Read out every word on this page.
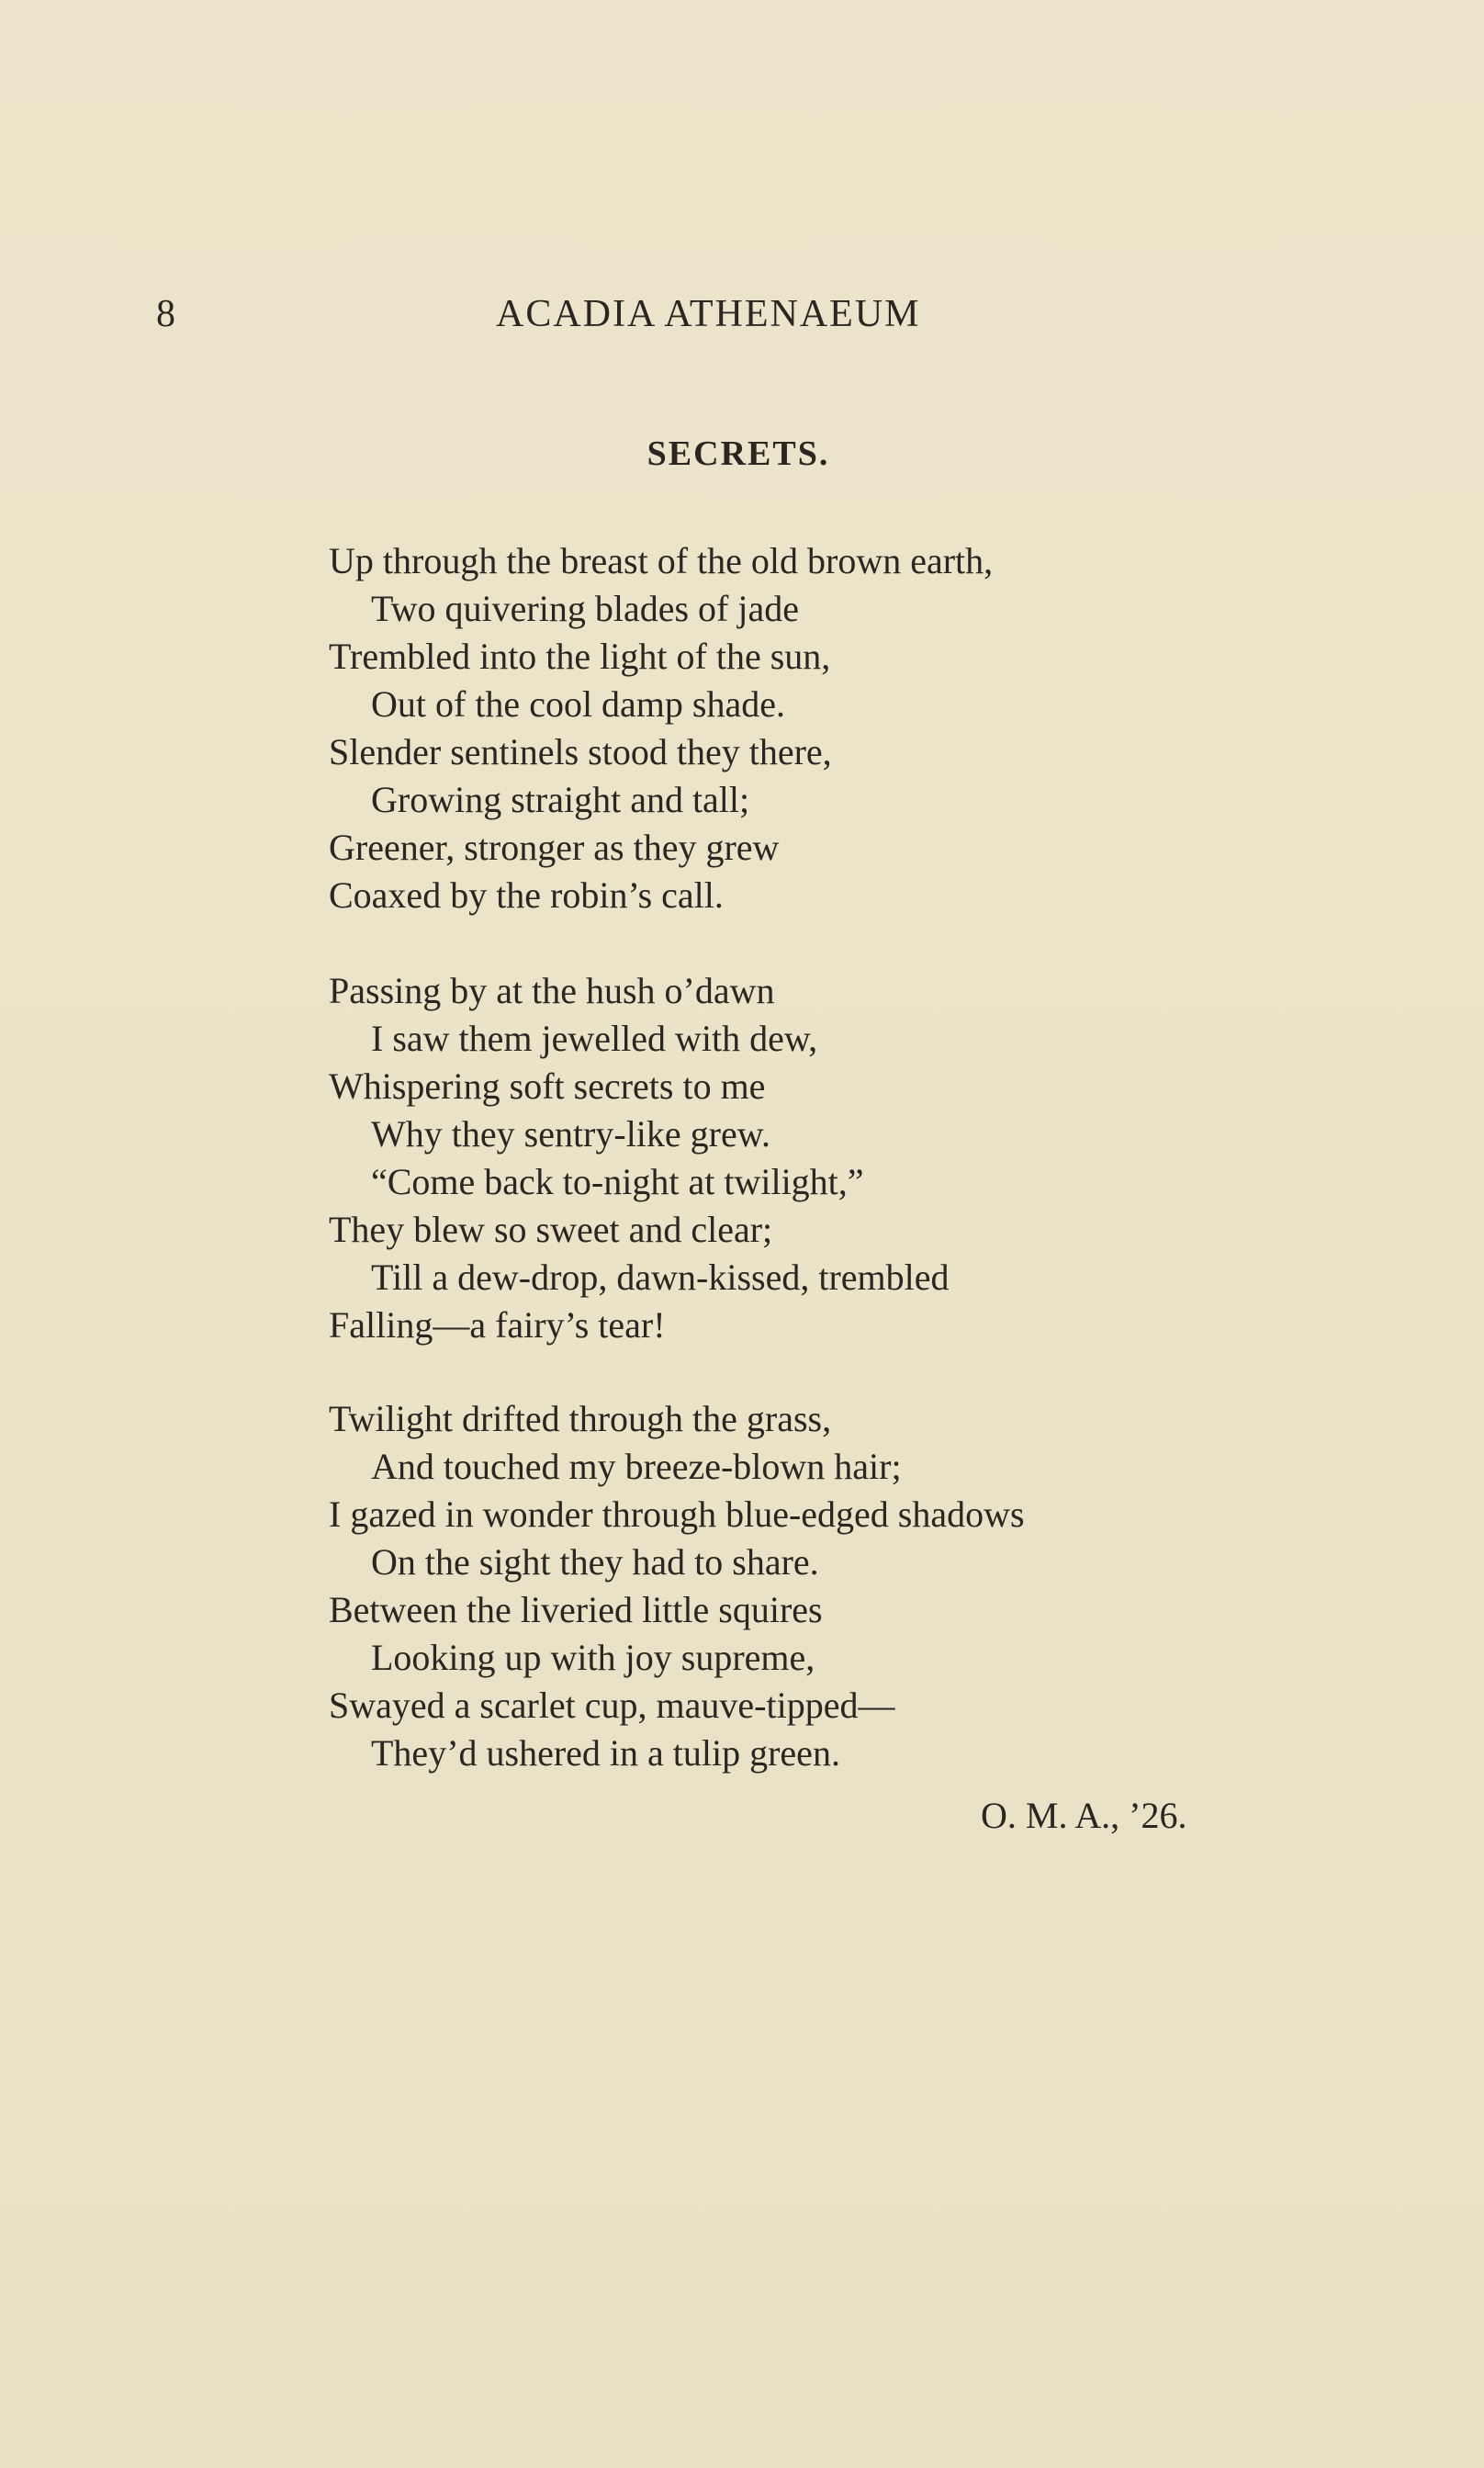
8	ACADIA ATHENAEUM
SECRETS.
Up through the breast of the old brown earth,
Two quivering blades of jade
Trembled into the light of the sun,
Out of the cool damp shade.
Slender sentinels stood they there,
Growing straight and tall;
Greener, stronger as they grew
Coaxed by the robin’s call.
Passing by at the hush o’dawn
I saw them jewelled with dew,
Whispering soft secrets to me
Why they sentry-like grew.
“Come back to-night at twilight,”
They blew so sweet and clear;
Till a dew-drop, dawn-kissed, trembled
Falling—a fairy’s tear!
Twilight drifted through the grass,
And touched my breeze-blown hair;
I gazed in wonder through blue-edged shadows
On the sight they had to share.
Between the liveried little squires
Looking up with joy supreme,
Swayed a scarlet cup, mauve-tipped—
They’d ushered in a tulip green.
O. M. A., ’26.
